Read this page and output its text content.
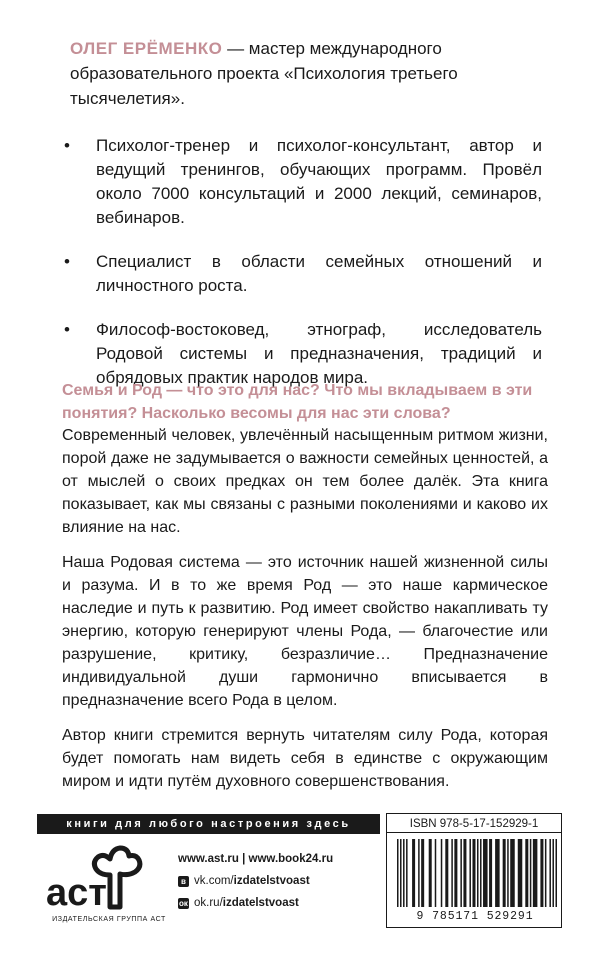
ОЛЕГ ЕРЁМЕНКО — мастер международного образовательного проекта «Психология третьего тысячелетия».
• Психолог-тренер и психолог-консультант, автор и ведущий тренингов, обучающих программ. Провёл около 7000 консультаций и 2000 лекций, семинаров, вебинаров.
• Специалист в области семейных отношений и личностного роста.
• Философ-востоковед, этнограф, исследователь Родовой системы и предназначения, традиций и обрядовых практик народов мира.
Семья и Род — что это для нас? Что мы вкладываем в эти понятия? Насколько весомы для нас эти слова?

Современный человек, увлечённый насыщенным ритмом жизни, порой даже не задумывается о важности семейных ценностей, а от мыслей о своих предках он тем более далёк. Эта книга показывает, как мы связаны с разными поколениями и каково их влияние на нас.

Наша Родовая система — это источник нашей жизненной силы и разума. И в то же время Род — это наше кармическое наследие и путь к развитию. Род имеет свойство накапливать ту энергию, которую генерируют члены Рода, — благочестие или разрушение, критику, безразличие… Предназначение индивидуальной души гармонично вписывается в предназначение всего Рода в целом.

Автор книги стремится вернуть читателям силу Рода, которая будет помогать нам видеть себя в единстве с окружающим миром и идти путём духовного совершенствования.

книги для любого настроения здесь
аст
ИЗДАТЕЛЬСКАЯ ГРУППА АСТ
www.ast.ru | www.book24.ru
в vk.com/ izdatelstvoast
ок ok.ru/ izdatelstvoast
ISBN 978-5-17-152929-1
9 785171 529291
